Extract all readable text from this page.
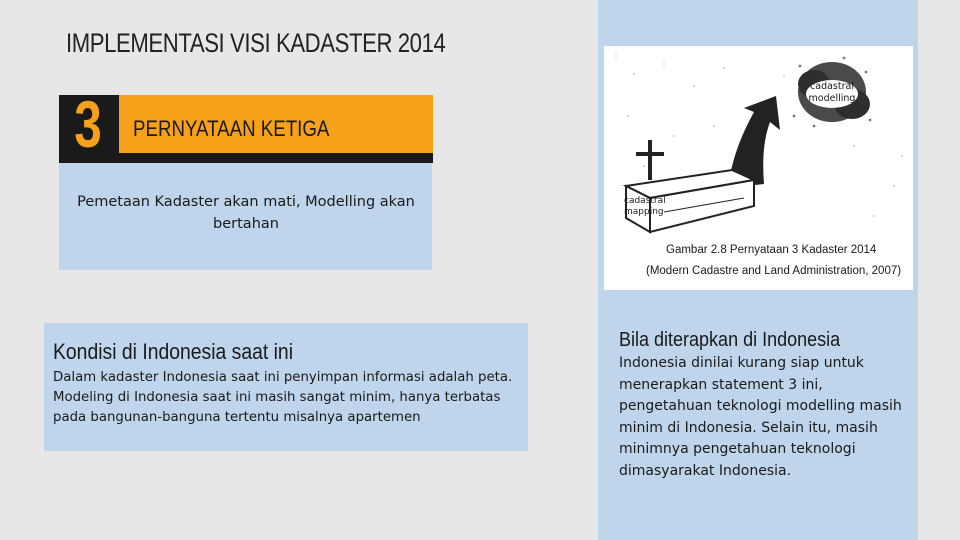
IMPLEMENTASI VISI KADASTER 2014
3 PERNYATAAN KETIGA
Pemetaan Kadaster akan mati, Modelling akan bertahan
Kondisi di Indonesia saat ini
Dalam kadaster Indonesia saat ini penyimpan informasi adalah peta. Modeling di Indonesia saat ini masih sangat minim, hanya terbatas pada bangunan-banguna tertentu misalnya apartemen
cadastral
modelling
cadastral
mapping
Gambar 2.8 Pernyataan 3 Kadaster 2014
(Modern Cadastre and Land Administration, 2007)
Bila diterapkan di Indonesia
Indonesia dinilai kurang siap untuk menerapkan statement 3 ini, pengetahuan teknologi modelling masih minim di Indonesia. Selain itu, masih minimnya pengetahuan teknologi dimasyarakat Indonesia.
